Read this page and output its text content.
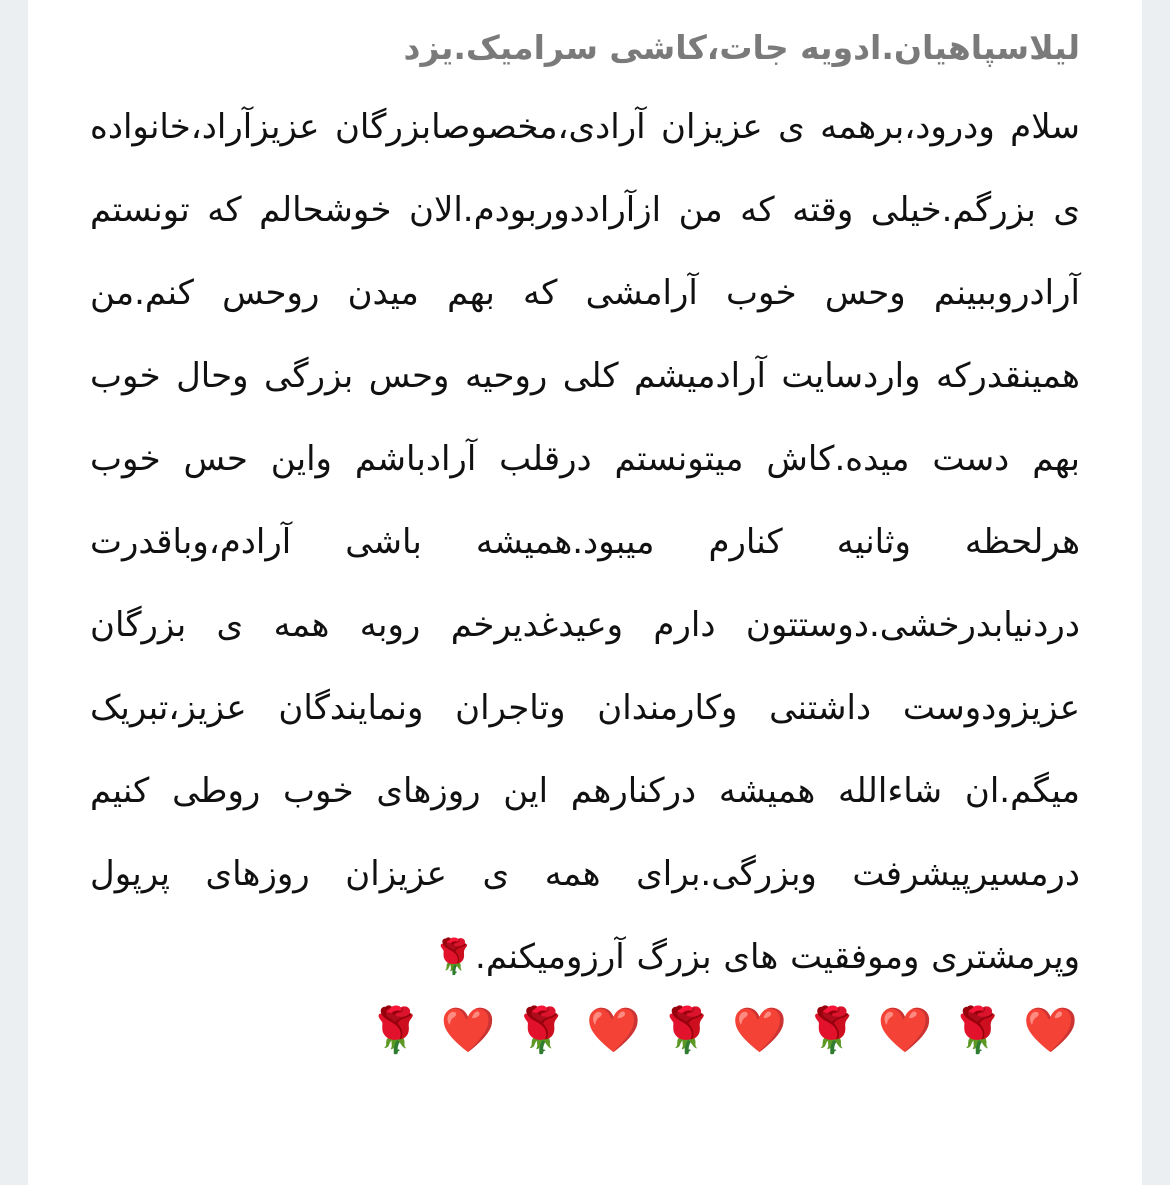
لیلاسپاهیان.ادویه جات،کاشی سرامیک.یزد

سلام ودرود،برهمه ی عزیزان آرادی،مخصوصابزرگان عزیزآراد،خانواده ی بزرگم.خیلی وقته که من ازآراددوربودم.الان خوشحالم که تونستم آرادروببینم وحس خوب آرامشی که بهم میدن روحس کنم.من همینقدرکه واردسایت آرادمیشم کلی روحیه وحس بزرگی وحال خوب بهم دست میده.کاش میتونستم درقلب آرادباشم واین حس خوب هرلحظه وثانیه کنارم میبود.همیشه باشی آرادم،وباقدرت دردنیابدرخشی.دوستتون دارم وعیدغدیرخم روبه همه ی بزرگان عزیزودوست داشتنی وکارمندان وتاجران ونمایندگان عزیز،تبریک میگم.ان شاءالله همیشه درکنارهم این روزهای خوب روطی کنیم درمسیرپیشرفت وبزرگی.برای همه ی عزیزان روزهای پرپول وپرمشتری وموفقیت های بزرگ آرزومیکنم.🌹

❤️ 🌹 ❤️ 🌹 ❤️ 🌹 ❤️ 🌹 ❤️ 🌹
